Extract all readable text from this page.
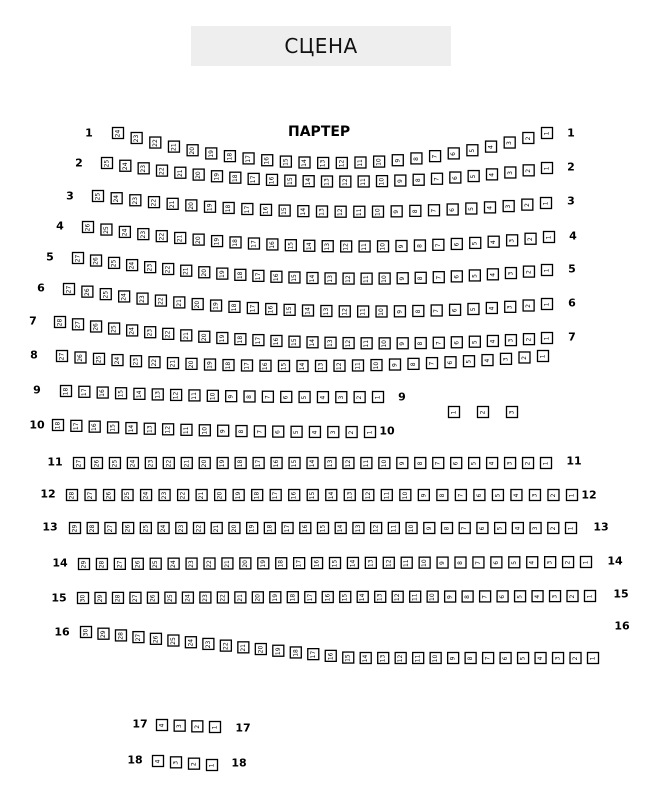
СЦЕНА
ПАРТЕР
24
23
22
21 20 19 18 17 16 15 14 13 12 11 10 9 8
7
6
5
4
3
2
1
1	1
25 24 23 22 21 20 19 18 17 16 15 14 13 12 11 10 9 8 7 6 5 4 3
2
1
2	2
25 24 23 22 21 20 19 18 17 16 15 14 13 12 11 10 9 8 7 6 5 4 3 2 1
3	3
26 25 24 23 22 21 20 19 18 17 16 15 14 13 12 11 10 9 8 7 6 5 4 3 2 1
4
4
27 26 25 24 23 22 21 20 19 18 17 16 15 14 13 12 11 10 9 8 7 6 5 4 3 2 1
5
5
27 26 25 24 23 22 21 20 19 18 17 16 15 14 13 12 11 10 9 8 7 6 5 4 3 2 1
6
6
28 27 26 25 24 23 22 21 20 19 18 17 16 15 14 13 12 11 10 9 8 7 6 5 4 3 2 1
7
7
27 26 25 24 23 22 21 20 19 18 17 16 15 14 13 12 11 10 9 8 7 6 5 4 3 2 1
8
18 17 16 15 14 13 12 11 10 9 8 7 6 5 4 3 2 1
9
9
18 17 16 15 14 13 12 11 10 9 8 7 6 5 4 3 2 1
10	10
27 26 25 24 23 22 21 20 19 18 17 16 15 14 13 12 11 10 9 8 7 6 5 4 3 2 1
11	11
28 27 26 25 24 23 22 21 20 19 18 17 16 15 14 13 12 11 10 9 8 7 6 5 4 3 2 1
12	12
29 28 27 26 25 24 23 22 21 20 19 18 17 16 15 14 13 12 11 10 9 8 7 6 5 4 3 2 1
13	13
29 28 27 26 25 24 23 22 21 20 19 18 17 16 15 14 13 12 11 10 9 8 7 6 5 4 3 2 1
14	14
30 29 28 27 26 25 24 23 22 21 20 19 18 17 16 15 14 13 12 11 10 9 8 7 6 5 4 3 2 1
15	15
30 29 28 27 26 25 24 23 22 21 20 19 18 17 16 15 14 13 12 11 10 9 8 7 6 5 4 3 2 1
16	16
4 3 2 1
17	17
4 3 2 1
18	18
1	2	3
